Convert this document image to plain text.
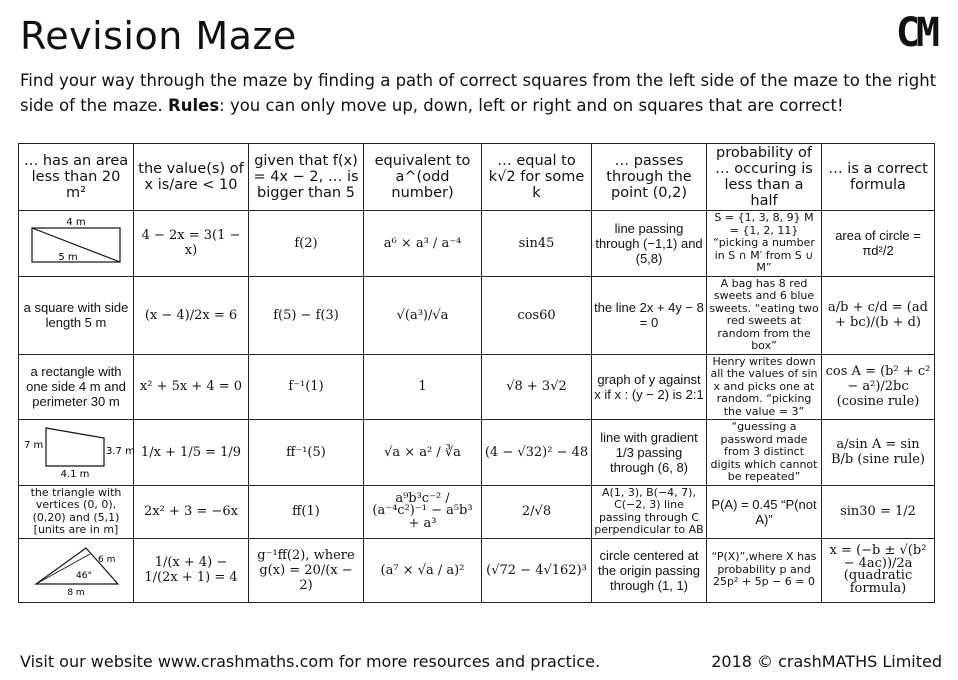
Revision Maze	CM
Find your way through the maze by finding a path of correct squares from the left side of the maze to the right side of the maze. Rules: you can only move up, down, left or right and on squares that are correct!
… has an area less than 20 m²	the value(s) of x is/are < 10	given that f(x) = 4x − 2, … is bigger than 5	equivalent to a^(odd number)	… equal to k√2 for some k	… passes through the point (0,2)	probability of … occuring is less than a half	… is a correct formula

4 m
5 m	4 − 2x = 3(1 − x)	f(2)	a⁶ × a³ / a⁻⁴	sin45	line passing through (−1,1) and (5,8)	S = {1, 3, 8, 9} M = {1, 2, 11} “picking a number in S ∩ M′ from S ∪ M”	area of circle = πd²/2
a square with side length 5 m	(x − 4)/2x = 6	f(5) − f(3)	√(a³)/√a	cos60	the line 2x + 4y − 8 = 0	A bag has 8 red sweets and 6 blue sweets. “eating two red sweets at random from the box”	a/b + c/d = (ad + bc)/(b + d)
a rectangle with one side 4 m and perimeter 30 m	x² + 5x + 4 = 0	f⁻¹(1)	1	√8 + 3√2	graph of y against x if x : (y − 2) is 2:1	Henry writes down all the values of sin x and picks one at random. “picking the value = 3”	cos A = (b² + c² − a²)/2bc (cosine rule)

7 m
3.7 m
4.1 m	1/x + 1/5 = 1/9	ff⁻¹(5)	√a × a² / ∛a	(4 − √32)² − 48	line with gradient 1/3 passing through (6, 8)	“guessing a password made from 3 distinct digits which cannot be repeated”	a/sin A = sin B/b (sine rule)
the triangle with vertices (0, 0), (0,20) and (5,1) [units are in m]	2x² + 3 = −6x	ff(1)	a⁹b³c⁻² / (a⁻⁴c²)⁻¹ − a⁵b³ + a³	2/√8	A(1, 3), B(−4, 7), C(−2, 3) line passing through C perpendicular to AB	P(A) = 0.45 “P(not A)”	sin30 = 1/2

6 m
46°
8 m	1/(x + 4) − 1/(2x + 1) = 4	g⁻¹ff(2), where g(x) = 20/(x − 2)	(a⁷ × √a / a)²	(√72 − 4√162)³	circle centered at the origin passing through (1, 1)	“P(X)”,where X has probability p and 25p² + 5p − 6 = 0	x = (−b ± √(b² − 4ac))/2a (quadratic formula)
Visit our website www.crashmaths.com for more resources and practice.	2018 © crashMATHS Limited
